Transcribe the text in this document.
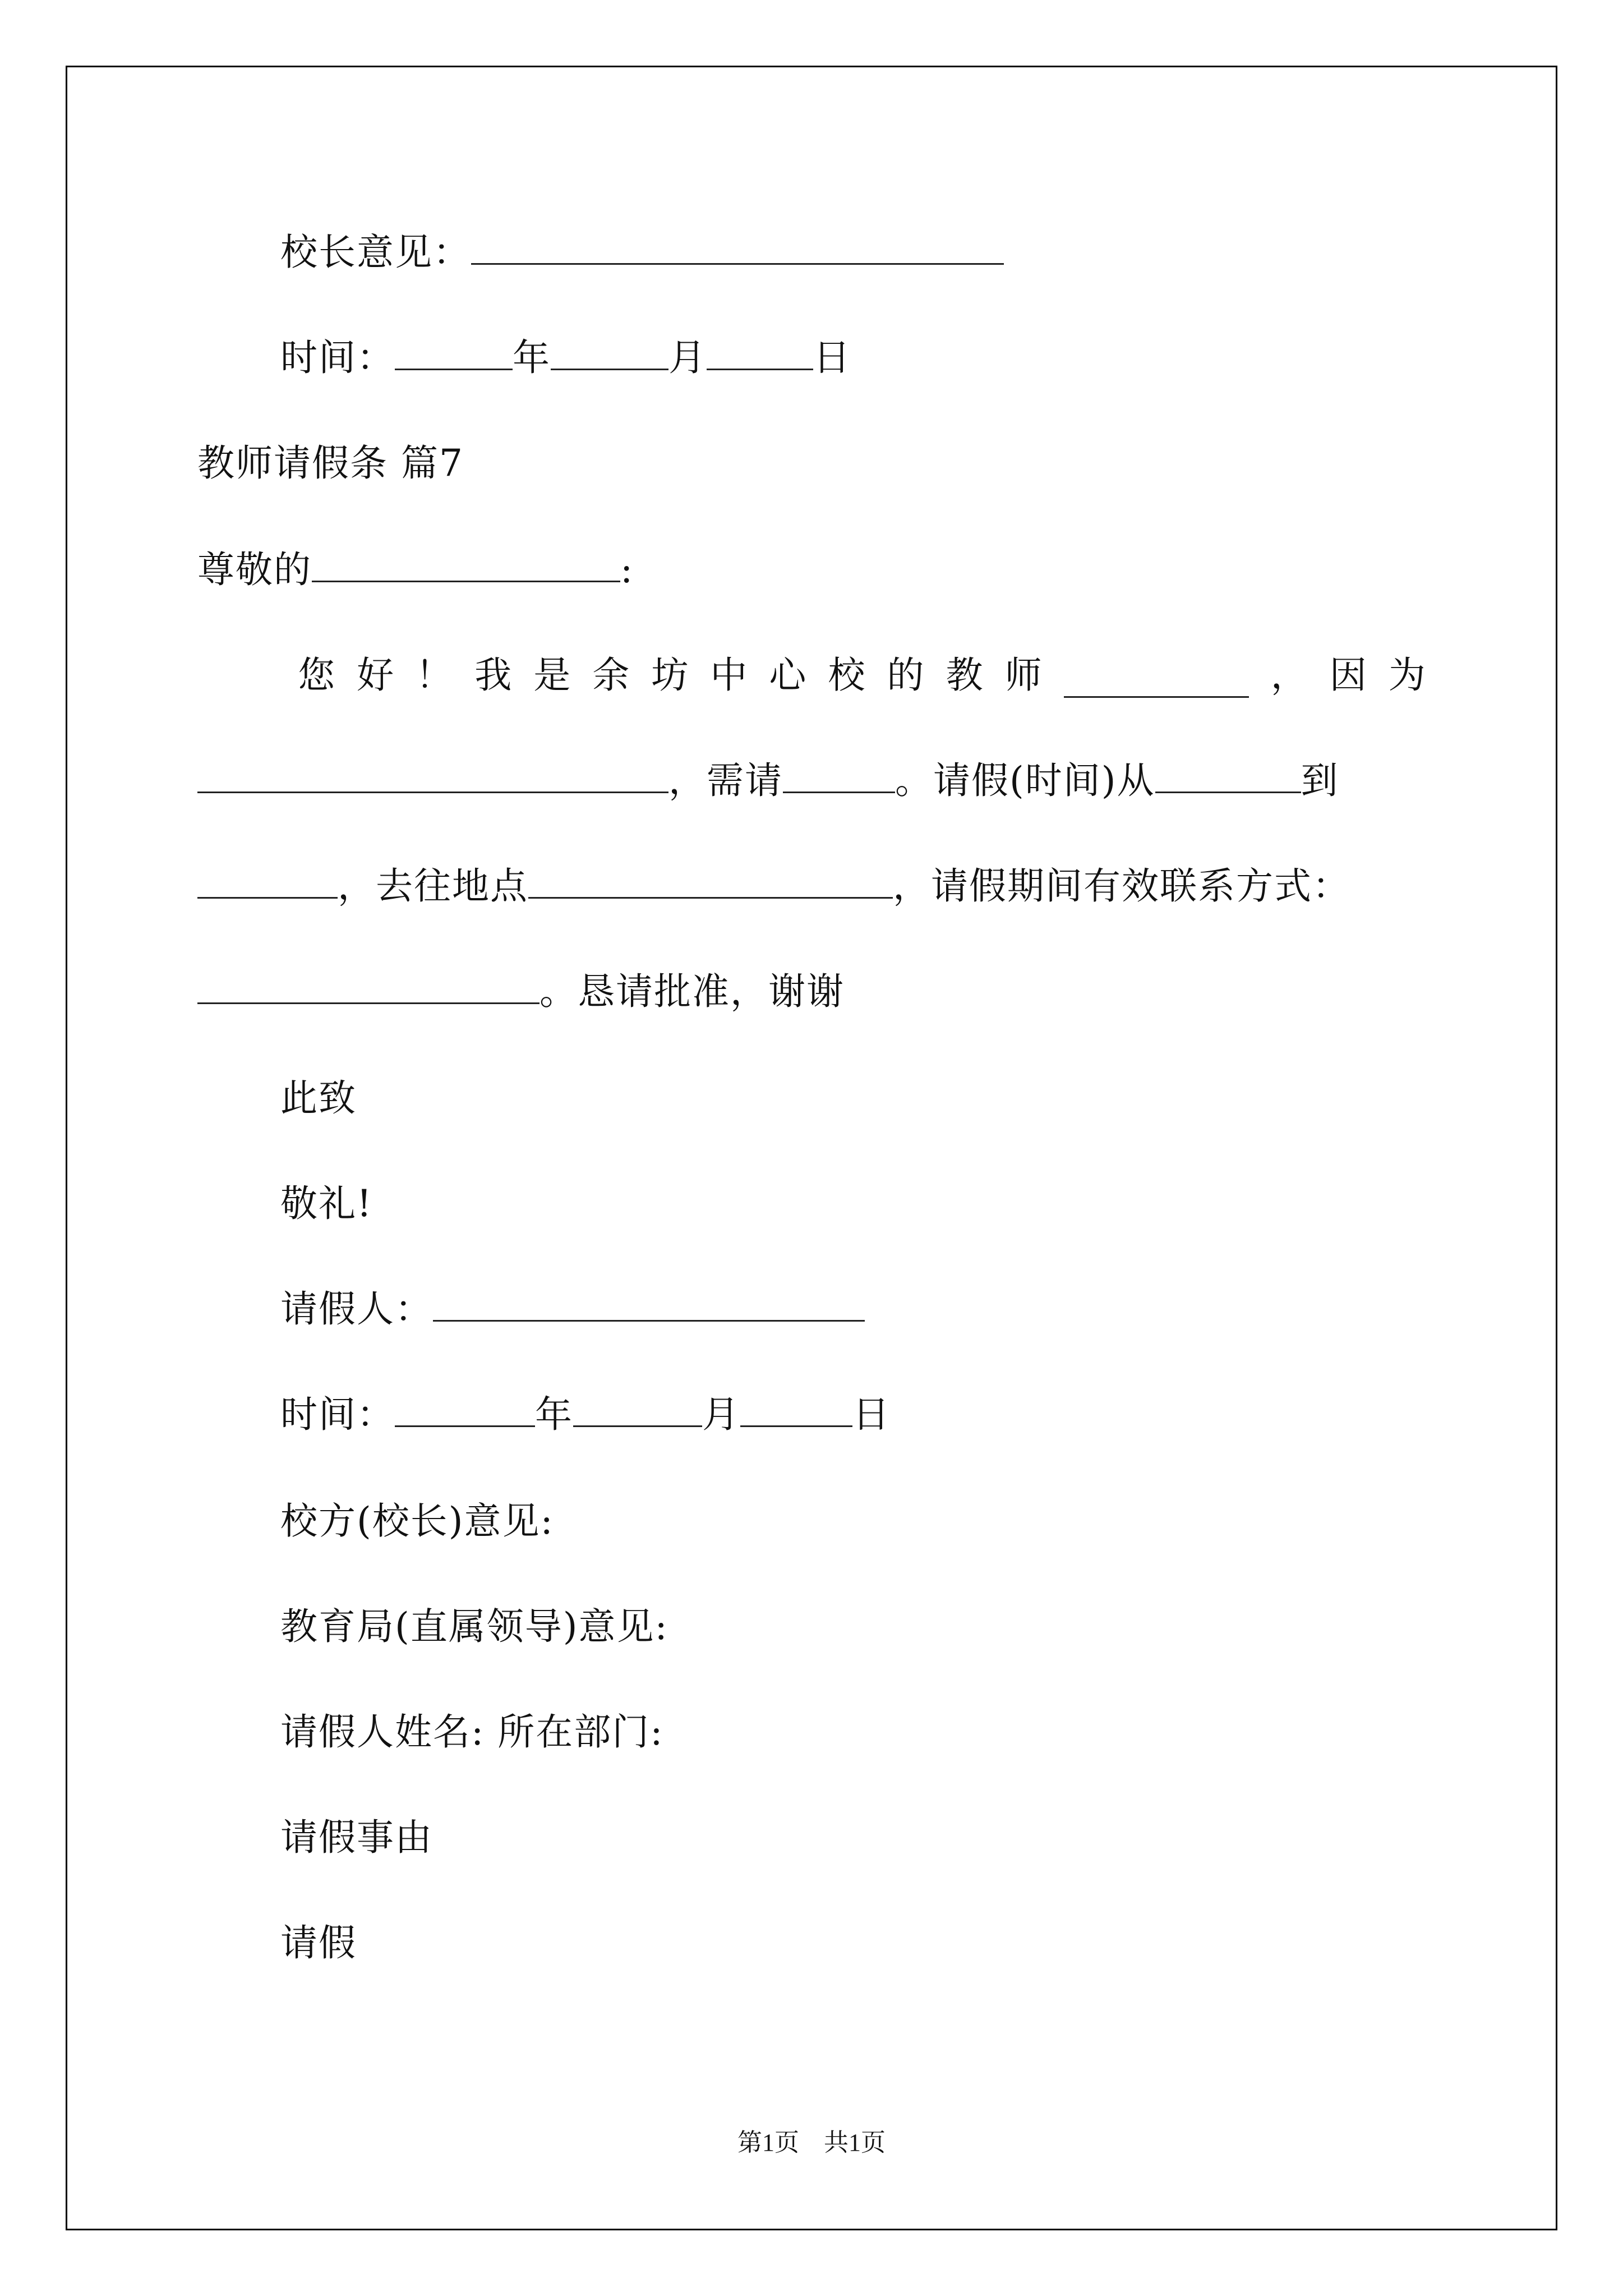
校长意见：
时间：	年	月	日
教师请假条 篇7
尊敬的	:
您 好 ！ 我 是 余 坊 中 心 校 的 教 师	， 因 为
，需请	。请假(时间)从	到
，去往地点	，请假期间有效联系方式：
。恳请批准，谢谢
此致
敬礼!
请假人：
时间：	年	月	日
校方(校长)意见:
教育局(直属领导)意见:
请假人姓名: 所在部门:
请假事由
请假
第1页　共1页
